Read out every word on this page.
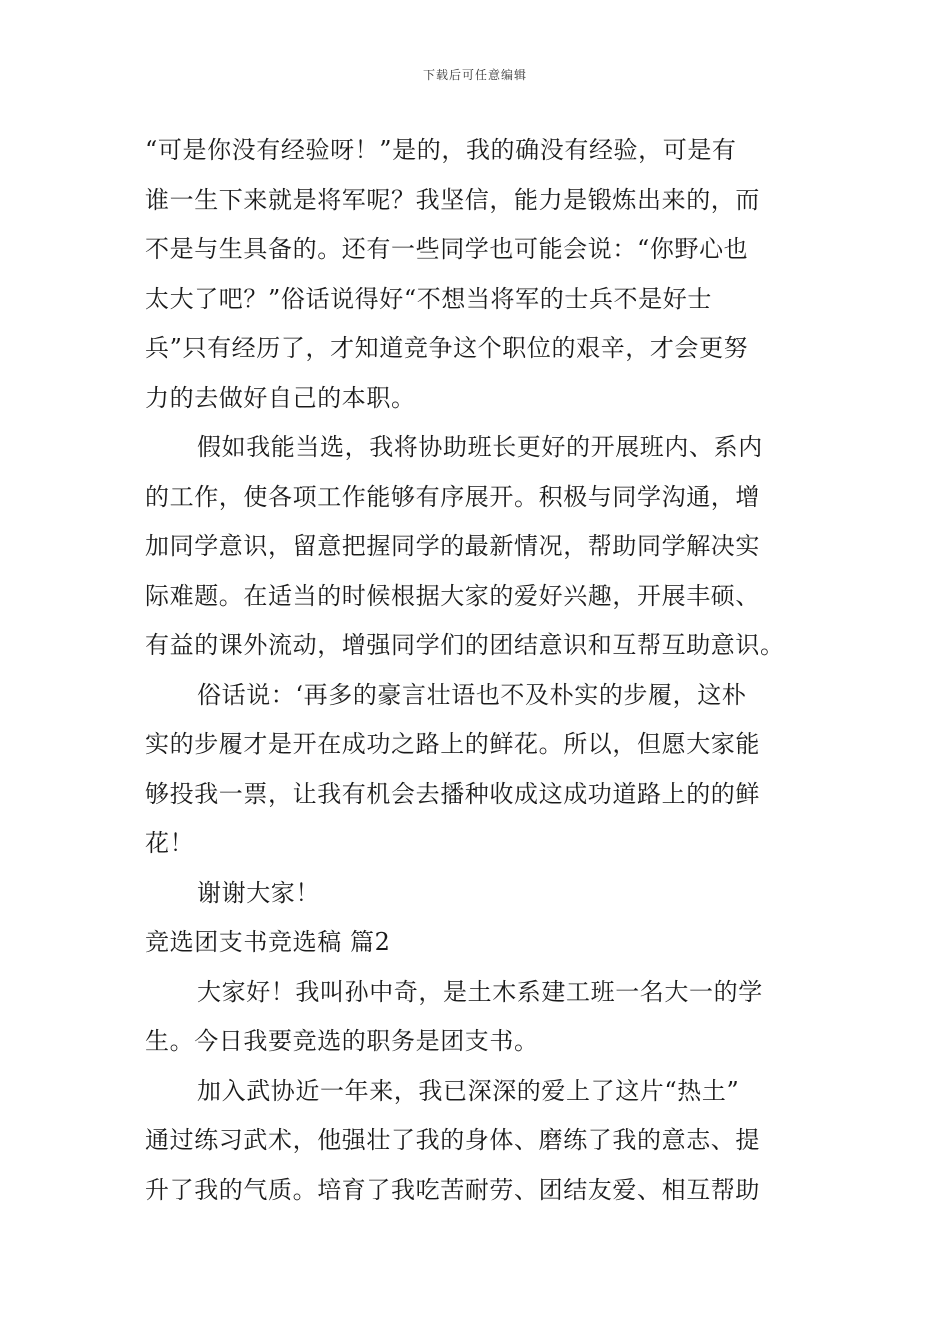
下载后可任意编辑
“可是你没有经验呀！”是的，我的确没有经验，可是有
谁一生下来就是将军呢？我坚信，能力是锻炼出来的，而
不是与生具备的。还有一些同学也可能会说：“你野心也
太大了吧？”俗话说得好“不想当将军的士兵不是好士
兵”只有经历了，才知道竞争这个职位的艰辛，才会更努
力的去做好自己的本职。
假如我能当选，我将协助班长更好的开展班内、系内
的工作，使各项工作能够有序展开。积极与同学沟通，增
加同学意识，留意把握同学的最新情况，帮助同学解决实
际难题。在适当的时候根据大家的爱好兴趣，开展丰硕、
有益的课外流动，增强同学们的团结意识和互帮互助意识。
俗话说：‘再多的豪言壮语也不及朴实的步履，这朴
实的步履才是开在成功之路上的鲜花。所以，但愿大家能
够投我一票，让我有机会去播种收成这成功道路上的的鲜
花！
谢谢大家！
竞选团支书竞选稿 篇2
大家好！我叫孙中奇，是土木系建工班一名大一的学
生。今日我要竞选的职务是团支书。
加入武协近一年来，我已深深的爱上了这片“热土”
通过练习武术，他强壮了我的身体、磨练了我的意志、提
升了我的气质。培育了我吃苦耐劳、团结友爱、相互帮助
